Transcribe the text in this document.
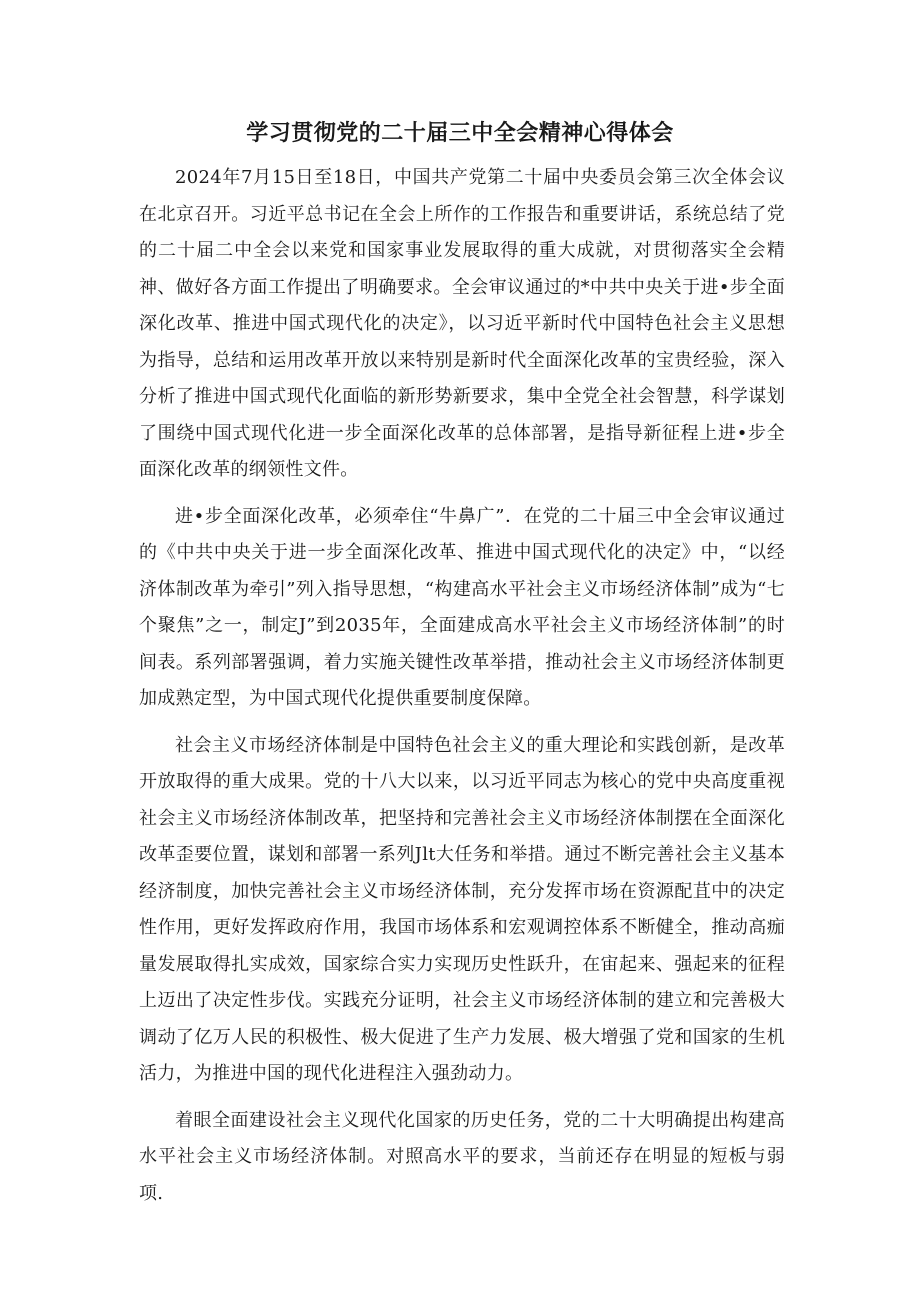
学习贯彻党的二十届三中全会精神心得体会

2024年7月15日至18日，中国共产党第二十届中央委员会第三次全体会议在北京召开。习近平总书记在全会上所作的工作报告和重要讲话，系统总结了党的二十届二中全会以来党和国家事业发展取得的重大成就，对贯彻落实全会精神、做好各方面工作提出了明确要求。全会审议通过的*中共中央关于进•步全面深化改革、推进中国式现代化的决定》，以习近平新时代中国特色社会主义思想为指导，总结和运用改革开放以来特别是新时代全面深化改革的宝贵经验，深入分析了推进中国式现代化面临的新形势新要求，集中全党全社会智慧，科学谋划了围绕中国式现代化进一步全面深化改革的总体部署，是指导新征程上进•步全面深化改革的纲领性文件。

进•步全面深化改革，必须牵住“牛鼻广”．在党的二十届三中全会审议通过的《中共中央关于进一步全面深化改革、推进中国式现代化的决定》中，“以经济体制改革为牵引”列入指导思想，“构建高水平社会主义市场经济体制”成为“七个聚焦”之一，制定J”到2035年，全面建成高水平社会主义市场经济体制”的时间表。系列部署强调，着力实施关键性改革举措，推动社会主义市场经济体制更加成熟定型，为中国式现代化提供重要制度保障。

社会主义市场经济体制是中国特色社会主义的重大理论和实践创新，是改革开放取得的重大成果。党的十八大以来，以习近平同志为核心的党中央高度重视社会主义市场经济体制改革，把坚持和完善社会主义市场经济体制摆在全面深化改革歪要位置，谋划和部署一系列Jlt大任务和举措。通过不断完善社会主义基本经济制度，加快完善社会主义市场经济体制，充分发挥市场在资源配苴中的决定性作用，更好发挥政府作用，我国市场体系和宏观调控体系不断健全，推动高痂量发展取得扎实成效，国家综合实力实现历史性跃升，在宙起来、强起来的征程上迈出了决定性步伐。实践充分证明，社会主义市场经济体制的建立和完善极大调动了亿万人民的积极性、极大促进了生产力发展、极大增强了党和国家的生机活力，为推进中国的现代化进程注入强劲动力。

着眼全面建设社会主义现代化国家的历史任务，党的二十大明确提出构建高水平社会主义市场经济体制。对照高水平的要求，当前还存在明显的短板与弱项.
